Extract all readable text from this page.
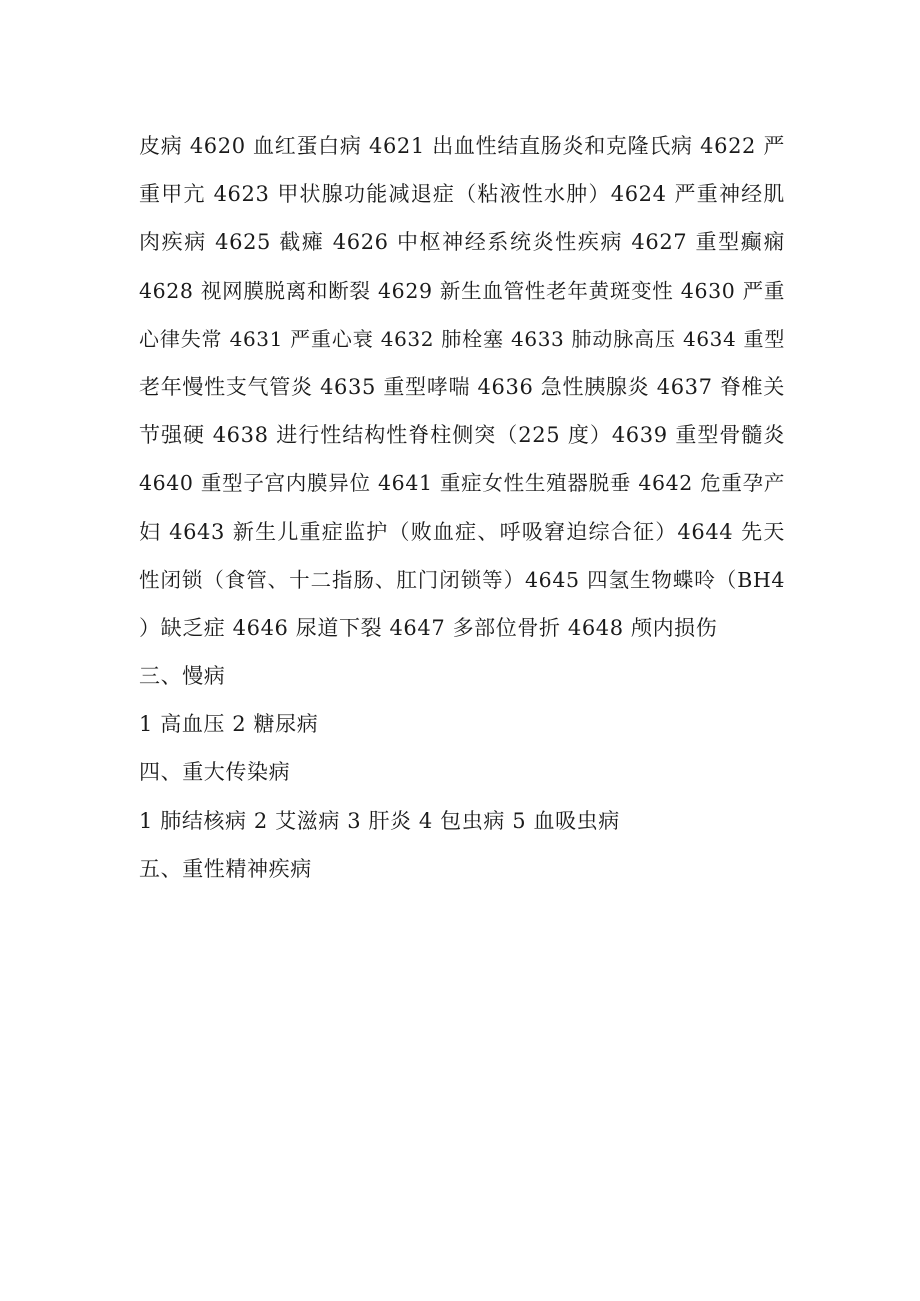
皮病 4620 血红蛋白病 4621 出血性结直肠炎和克隆氏病 4622 严
重甲亢 4623 甲状腺功能减退症（粘液性水肿）4624 严重神经肌
肉疾病 4625 截瘫 4626 中枢神经系统炎性疾病 4627 重型癫痫
4628 视网膜脱离和断裂 4629 新生血管性老年黄斑变性 4630 严重
心律失常 4631 严重心衰 4632 肺栓塞 4633 肺动脉高压 4634 重型
老年慢性支气管炎 4635 重型哮喘 4636 急性胰腺炎 4637 脊椎关
节强硬 4638 进行性结构性脊柱侧突（225 度）4639 重型骨髓炎
4640 重型子宫内膜异位 4641 重症女性生殖器脱垂 4642 危重孕产
妇 4643 新生儿重症监护（败血症、呼吸窘迫综合征）4644 先天
性闭锁（食管、十二指肠、肛门闭锁等）4645 四氢生物蝶呤（BH4
）缺乏症 4646 尿道下裂 4647 多部位骨折 4648 颅内损伤
三、慢病
1 高血压 2 糖尿病
四、重大传染病
1 肺结核病 2 艾滋病 3 肝炎 4 包虫病 5 血吸虫病
五、重性精神疾病
